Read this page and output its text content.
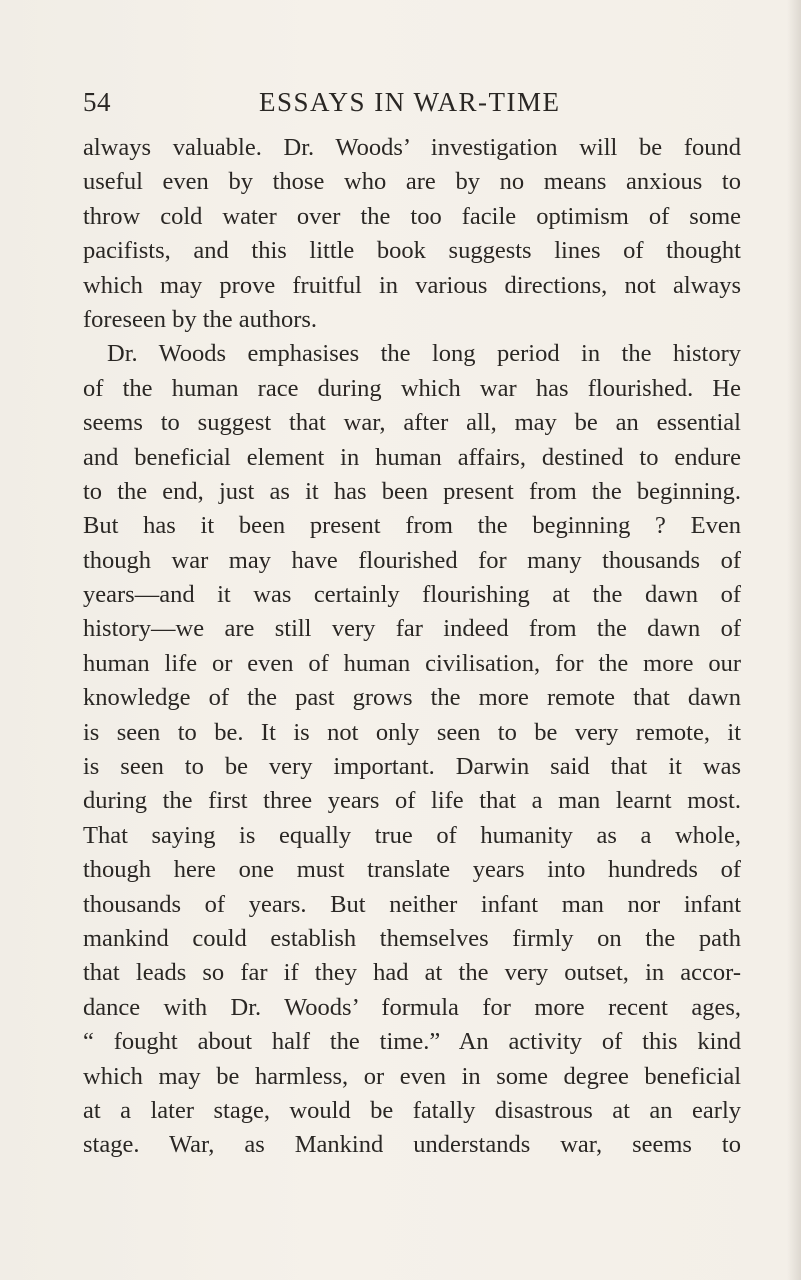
54	ESSAYS IN WAR-TIME
always valuable. Dr. Woods’ investigation will be found
useful even by those who are by no means anxious to
throw cold water over the too facile optimism of some
pacifists, and this little book suggests lines of thought
which may prove fruitful in various directions, not always
foreseen by the authors.
Dr. Woods emphasises the long period in the history
of the human race during which war has flourished. He
seems to suggest that war, after all, may be an essential
and beneficial element in human affairs, destined to endure
to the end, just as it has been present from the beginning.
But has it been present from the beginning ? Even
though war may have flourished for many thousands of
years—and it was certainly flourishing at the dawn of
history—we are still very far indeed from the dawn of
human life or even of human civilisation, for the more our
knowledge of the past grows the more remote that dawn
is seen to be. It is not only seen to be very remote, it
is seen to be very important. Darwin said that it was
during the first three years of life that a man learnt most.
That saying is equally true of humanity as a whole,
though here one must translate years into hundreds of
thousands of years. But neither infant man nor infant
mankind could establish themselves firmly on the path
that leads so far if they had at the very outset, in accor-
dance with Dr. Woods’ formula for more recent ages,
“ fought about half the time.” An activity of this kind
which may be harmless, or even in some degree beneficial
at a later stage, would be fatally disastrous at an early
stage. War, as Mankind understands war, seems to
